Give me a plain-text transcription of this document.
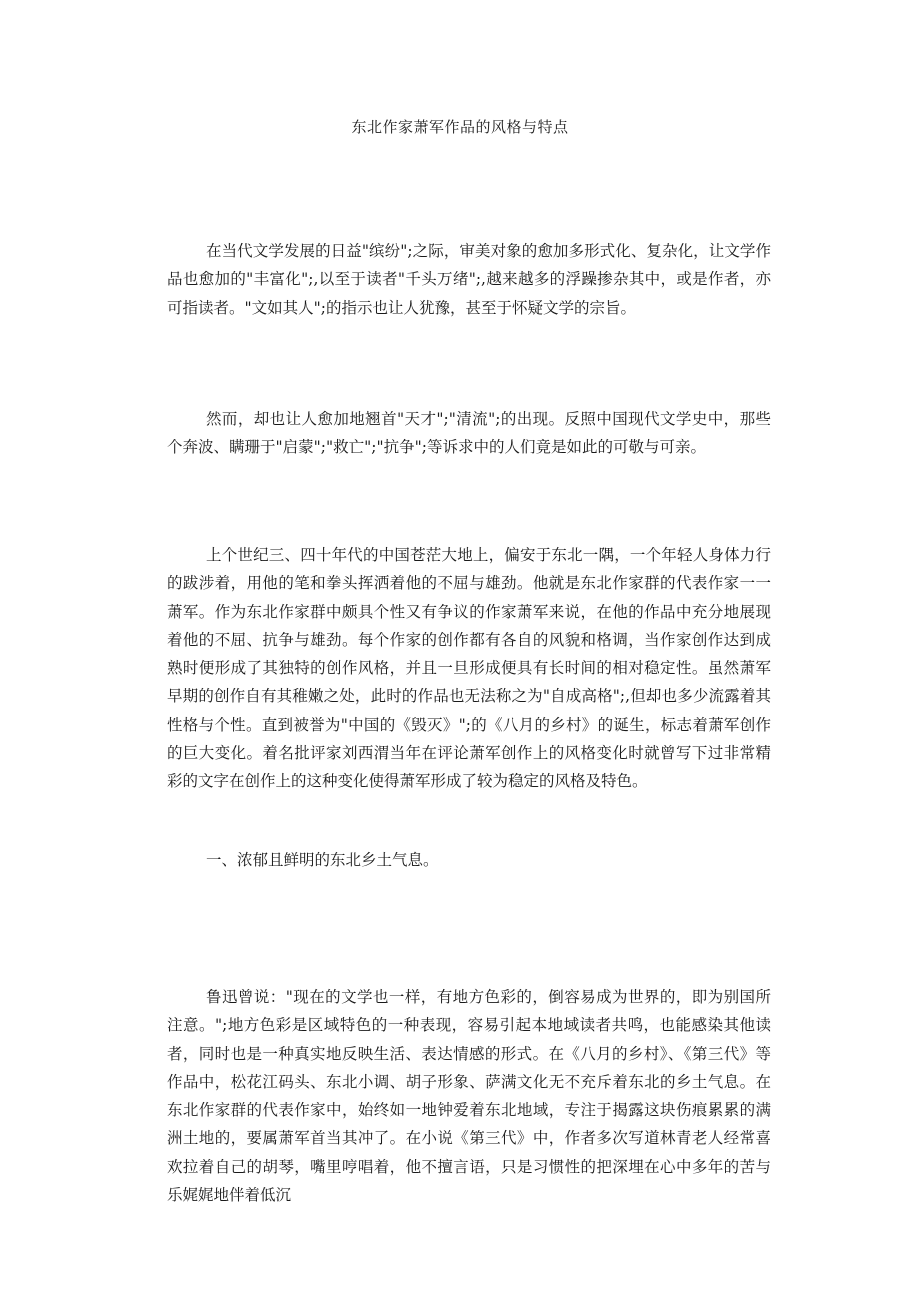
东北作家萧军作品的风格与特点

在当代文学发展的日益"缤纷";之际，审美对象的愈加多形式化、复杂化，让文学作品也愈加的"丰富化";,以至于读者"千头万绪";,越来越多的浮躁掺杂其中，或是作者，亦可指读者。"文如其人";的指示也让人犹豫，甚至于怀疑文学的宗旨。

然而，却也让人愈加地翘首"天才";"清流";的出现。反照中国现代文学史中，那些个奔波、瞒珊于"启蒙";"救亡";"抗争";等诉求中的人们竟是如此的可敬与可亲。

上个世纪三、四十年代的中国苍茫大地上，偏安于东北一隅，一个年轻人身体力行的跋涉着，用他的笔和拳头挥洒着他的不屈与雄劲。他就是东北作家群的代表作家一一萧军。作为东北作家群中颇具个性又有争议的作家萧军来说，在他的作品中充分地展现着他的不屈、抗争与雄劲。每个作家的创作都有各自的风貌和格调，当作家创作达到成熟时便形成了其独特的创作风格，并且一旦形成便具有长时间的相对稳定性。虽然萧军早期的创作自有其稚嫩之处，此时的作品也无法称之为"自成高格";,但却也多少流露着其性格与个性。直到被誉为"中国的《毁灭》";的《八月的乡村》的诞生，标志着萧军创作的巨大变化。着名批评家刘西渭当年在评论萧军创作上的风格变化时就曾写下过非常精彩的文字在创作上的这种变化使得萧军形成了较为稳定的风格及特色。

一、浓郁且鲜明的东北乡土气息。

鲁迅曾说："现在的文学也一样，有地方色彩的，倒容易成为世界的，即为别国所注意。";地方色彩是区域特色的一种表现，容易引起本地域读者共鸣，也能感染其他读者，同时也是一种真实地反映生活、表达情感的形式。在《八月的乡村》、《第三代》等作品中，松花江码头、东北小调、胡子形象、萨满文化无不充斥着东北的乡土气息。在东北作家群的代表作家中，始终如一地钟爱着东北地域，专注于揭露这块伤痕累累的满洲土地的，要属萧军首当其冲了。在小说《第三代》中，作者多次写道林青老人经常喜欢拉着自己的胡琴，嘴里哼唱着，他不擅言语，只是习惯性的把深埋在心中多年的苦与乐娓娓地伴着低沉
